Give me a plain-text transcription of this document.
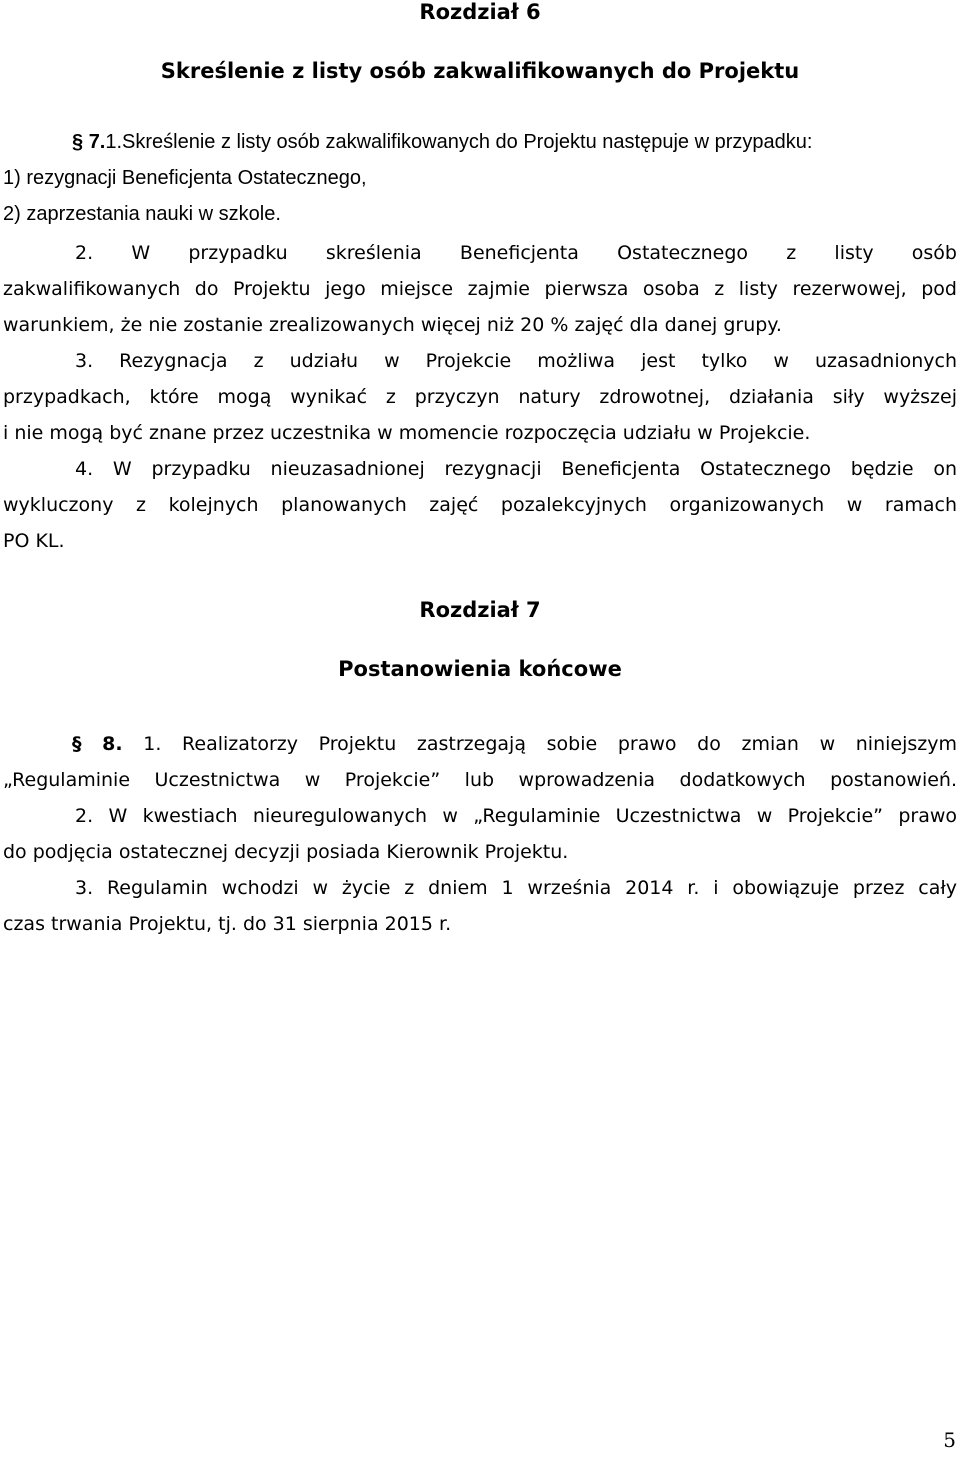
Rozdział 6
Skreślenie z listy osób zakwalifikowanych do Projektu
§ 7.1.Skreślenie z listy osób zakwalifikowanych do Projektu następuje w przypadku:

1) rezygnacji Beneficjenta Ostatecznego,

2) zaprzestania nauki w szkole.

2. W przypadku skreślenia Beneficjenta Ostatecznego z listy osób

zakwalifikowanych do Projektu jego miejsce zajmie pierwsza osoba z listy rezerwowej, pod

warunkiem, że nie zostanie zrealizowanych więcej niż 20 % zajęć dla danej grupy.

3. Rezygnacja z udziału w Projekcie możliwa jest tylko w uzasadnionych

przypadkach, które mogą wynikać z przyczyn natury zdrowotnej, działania siły wyższej

i nie mogą być znane przez uczestnika w momencie rozpoczęcia udziału w Projekcie.

4. W przypadku nieuzasadnionej rezygnacji Beneficjenta Ostatecznego będzie on

wykluczony z kolejnych planowanych zajęć pozalekcyjnych organizowanych w ramach

PO KL.

Rozdział 7
Postanowienia końcowe
§ 8. 1. Realizatorzy Projektu zastrzegają sobie prawo do zmian w niniejszym

„Regulaminie Uczestnictwa w Projekcie” lub wprowadzenia dodatkowych postanowień.

2. W kwestiach nieuregulowanych w „Regulaminie Uczestnictwa w Projekcie” prawo

do podjęcia ostatecznej decyzji posiada Kierownik Projektu.

3. Regulamin wchodzi w życie z dniem 1 września 2014 r. i obowiązuje przez cały

czas trwania Projektu, tj. do 31 sierpnia 2015 r.

5
